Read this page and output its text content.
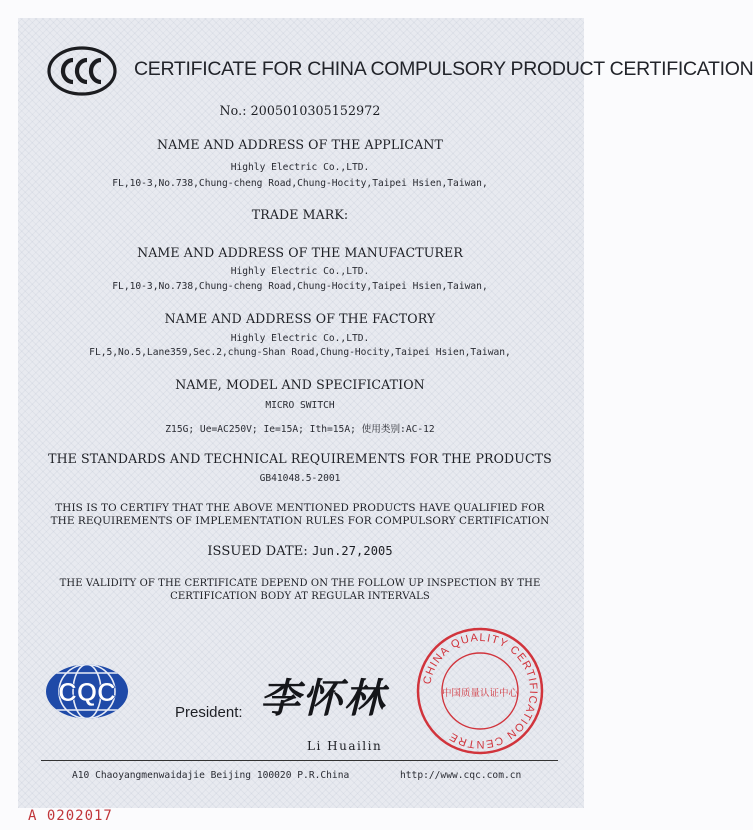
CERTIFICATE FOR CHINA COMPULSORY PRODUCT CERTIFICATION
No.: 2005010305152972
NAME AND ADDRESS OF THE APPLICANT
Highly Electric Co.,LTD.
FL,10-3,No.738,Chung-cheng Road,Chung-Hocity,Taipei Hsien,Taiwan,
TRADE MARK:
NAME AND ADDRESS OF THE MANUFACTURER
Highly Electric Co.,LTD.
FL,10-3,No.738,Chung-cheng Road,Chung-Hocity,Taipei Hsien,Taiwan,
NAME AND ADDRESS OF THE FACTORY
Highly Electric Co.,LTD.
FL,5,No.5,Lane359,Sec.2,chung-Shan Road,Chung-Hocity,Taipei Hsien,Taiwan,
NAME, MODEL AND SPECIFICATION
MICRO SWITCH
Z15G; Ue=AC250V; Ie=15A; Ith=15A; 使用类别:AC-12
THE STANDARDS AND TECHNICAL REQUIREMENTS FOR THE PRODUCTS
GB41048.5-2001
THIS IS TO CERTIFY THAT THE ABOVE MENTIONED PRODUCTS HAVE QUALIFIED FOR
THE REQUIREMENTS OF IMPLEMENTATION RULES FOR COMPULSORY CERTIFICATION
ISSUED DATE: Jun.27,2005
THE VALIDITY OF THE CERTIFICATE DEPEND ON THE FOLLOW UP INSPECTION BY THE
CERTIFICATION BODY AT REGULAR INTERVALS
CQC
President: 李怀林
Li Huailin
CHINA QUALITY CERTIFICATION CENTRE
中国质量认证中心
A10 Chaoyangmenwaidajie Beijing 100020 P.R.China	http://www.cqc.com.cn
A 0202017
